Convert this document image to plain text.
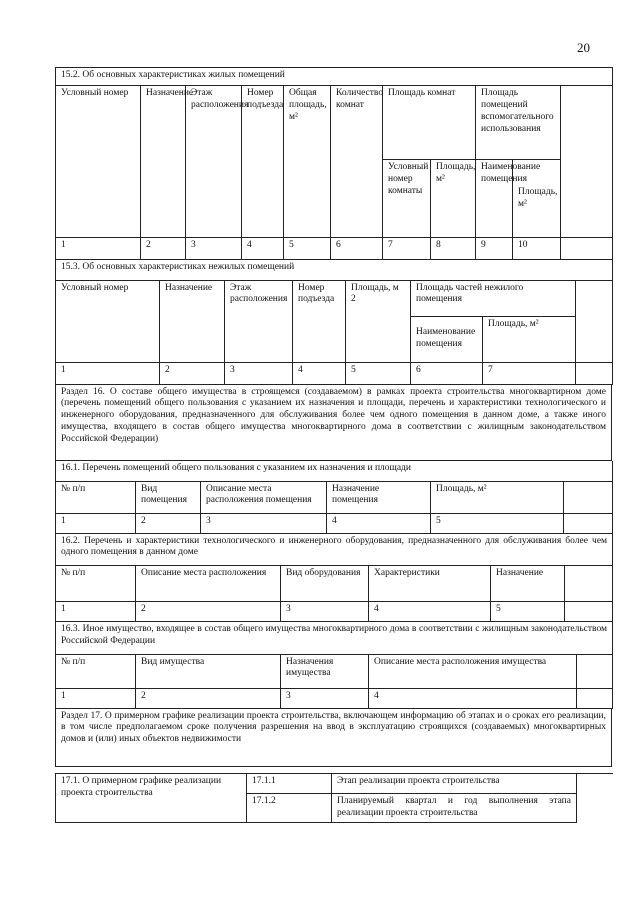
20
15.2. Об основных характеристиках жилых помещений										
Условный номер	Назначение	Этаж расположения	Номер подъезда	Общая площадь, м²	Количество комнат	Площадь комнат		Площадь помещений вспомогательного использования		
						Условный номер комнаты	Площадь, м²	Наименование помещения	Площадь, м²	
1	2	3	4	5	6	7	8	9	10	
15.3. Об основных характеристиках нежилых помещений							
Условный номер	Назначение	Этаж расположения	Номер подъезда	Площадь, м 2	Площадь частей нежилого помещения		
					Наименование помещения	Площадь, м²	
1	2	3	4	5	6	7	
Раздел 16. О составе общего имущества в строящемся (создаваемом) в рамках проекта строительства многоквартирном доме (перечень помещений общего пользования с указанием их назначения и площади, перечень и характеристики технологического и инженерного оборудования, предназначенного для обслуживания более чем одного помещения в данном доме, а также иного имущества, входящего в состав общего имущества многоквартирного дома в соответствии с жилищным законодательством Российской Федерации)
16.1. Перечень помещений общего пользования с указанием их назначения и площади					
№ п/п	Вид помещения	Описание места расположения помещения	Назначение помещения	Площадь, м²	
1	2	3	4	5	
16.2. Перечень и характеристики технологического и инженерного оборудования, предназначенного для обслуживания более чем одного помещения в данном доме					
№ п/п	Описание места расположения	Вид оборудования	Характеристики	Назначение	
1	2	3	4	5	
16.3. Иное имущество, входящее в состав общего имущества многоквартирного дома в соответствии с жилищным законодательством Российской Федерации				
№ п/п	Вид имущества	Назначения имущества	Описание места расположения имущества	
1	2	3	4	
Раздел 17. О примерном графике реализации проекта строительства, включающем информацию об этапах и о сроках его реализации, в том числе предполагаемом сроке получения разрешения на ввод в эксплуатацию строящихся (создаваемых) многоквартирных домов и (или) иных объектов недвижимости
17.1. О примерном графике реализации проекта строительства	17.1.1	Этап реализации проекта строительства	
	17.1.2	Планируемый квартал и год выполнения этапа реализации проекта строительства	
